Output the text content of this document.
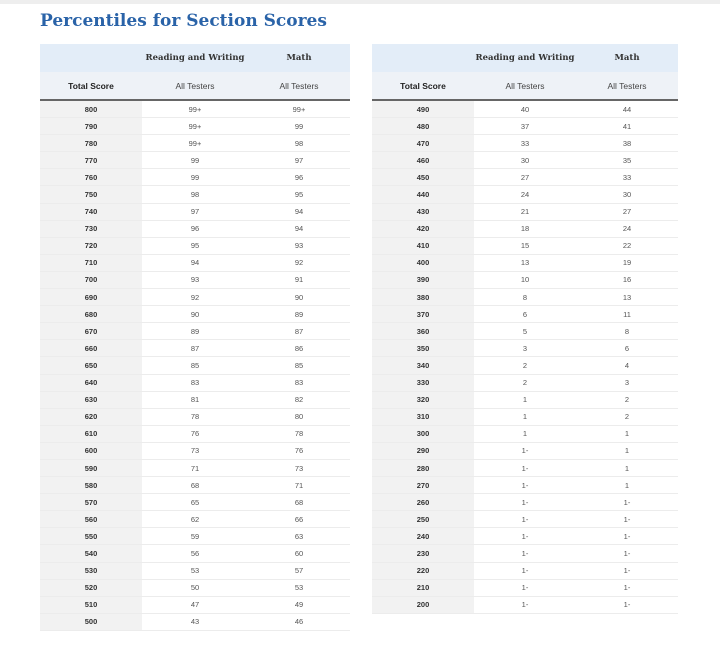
Percentiles for Section Scores
	Reading and Writing	Math
Total Score	All Testers	All Testers
800	99+	99+
790	99+	99
780	99+	98
770	99	97
760	99	96
750	98	95
740	97	94
730	96	94
720	95	93
710	94	92
700	93	91
690	92	90
680	90	89
670	89	87
660	87	86
650	85	85
640	83	83
630	81	82
620	78	80
610	76	78
600	73	76
590	71	73
580	68	71
570	65	68
560	62	66
550	59	63
540	56	60
530	53	57
520	50	53
510	47	49
500	43	46
	Reading and Writing	Math
Total Score	All Testers	All Testers
490	40	44
480	37	41
470	33	38
460	30	35
450	27	33
440	24	30
430	21	27
420	18	24
410	15	22
400	13	19
390	10	16
380	8	13
370	6	11
360	5	8
350	3	6
340	2	4
330	2	3
320	1	2
310	1	2
300	1	1
290	1-	1
280	1-	1
270	1-	1
260	1-	1-
250	1-	1-
240	1-	1-
230	1-	1-
220	1-	1-
210	1-	1-
200	1-	1-
